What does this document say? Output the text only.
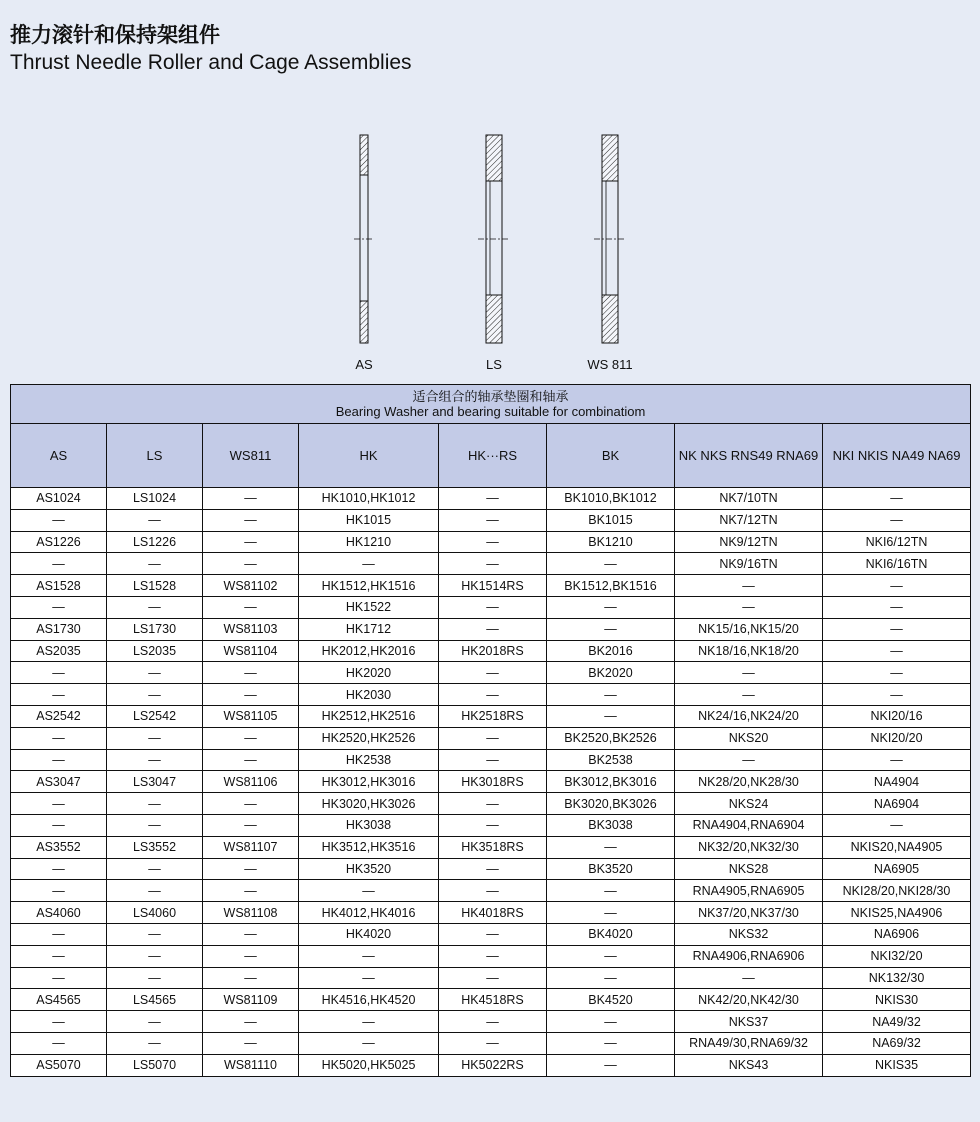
推力滚针和保持架组件
Thrust Needle Roller and Cage Assemblies
AS	LS	WS 811
适合组合的轴承垫圈和轴承
Bearing Washer and bearing suitable for combinatiom							

AS	LS	WS811	HK	HK···RS	BK	NK NKS RNS49 RNA69	NKI NKIS NA49 NA69
AS1024	LS1024	—	HK1010,HK1012	—	BK1010,BK1012	NK7/10TN	—
—	—	—	HK1015	—	BK1015	NK7/12TN	—
AS1226	LS1226	—	HK1210	—	BK1210	NK9/12TN	NKI6/12TN
—	—	—	—	—	—	NK9/16TN	NKI6/16TN
AS1528	LS1528	WS81102	HK1512,HK1516	HK1514RS	BK1512,BK1516	—	—
—	—	—	HK1522	—	—	—	—
AS1730	LS1730	WS81103	HK1712	—	—	NK15/16,NK15/20	—
AS2035	LS2035	WS81104	HK2012,HK2016	HK2018RS	BK2016	NK18/16,NK18/20	—
—	—	—	HK2020	—	BK2020	—	—
—	—	—	HK2030	—	—	—	—
AS2542	LS2542	WS81105	HK2512,HK2516	HK2518RS	—	NK24/16,NK24/20	NKI20/16
—	—	—	HK2520,HK2526	—	BK2520,BK2526	NKS20	NKI20/20
—	—	—	HK2538	—	BK2538	—	—
AS3047	LS3047	WS81106	HK3012,HK3016	HK3018RS	BK3012,BK3016	NK28/20,NK28/30	NA4904
—	—	—	HK3020,HK3026	—	BK3020,BK3026	NKS24	NA6904
—	—	—	HK3038	—	BK3038	RNA4904,RNA6904	—
AS3552	LS3552	WS81107	HK3512,HK3516	HK3518RS	—	NK32/20,NK32/30	NKIS20,NA4905
—	—	—	HK3520	—	BK3520	NKS28	NA6905
—	—	—	—	—	—	RNA4905,RNA6905	NKI28/20,NKI28/30
AS4060	LS4060	WS81108	HK4012,HK4016	HK4018RS	—	NK37/20,NK37/30	NKIS25,NA4906
—	—	—	HK4020	—	BK4020	NKS32	NA6906
—	—	—	—	—	—	RNA4906,RNA6906	NKI32/20
—	—	—	—	—	—	—	NK132/30
AS4565	LS4565	WS81109	HK4516,HK4520	HK4518RS	BK4520	NK42/20,NK42/30	NKIS30
—	—	—	—	—	—	NKS37	NA49/32
—	—	—	—	—	—	RNA49/30,RNA69/32	NA69/32
AS5070	LS5070	WS81110	HK5020,HK5025	HK5022RS	—	NKS43	NKIS35
